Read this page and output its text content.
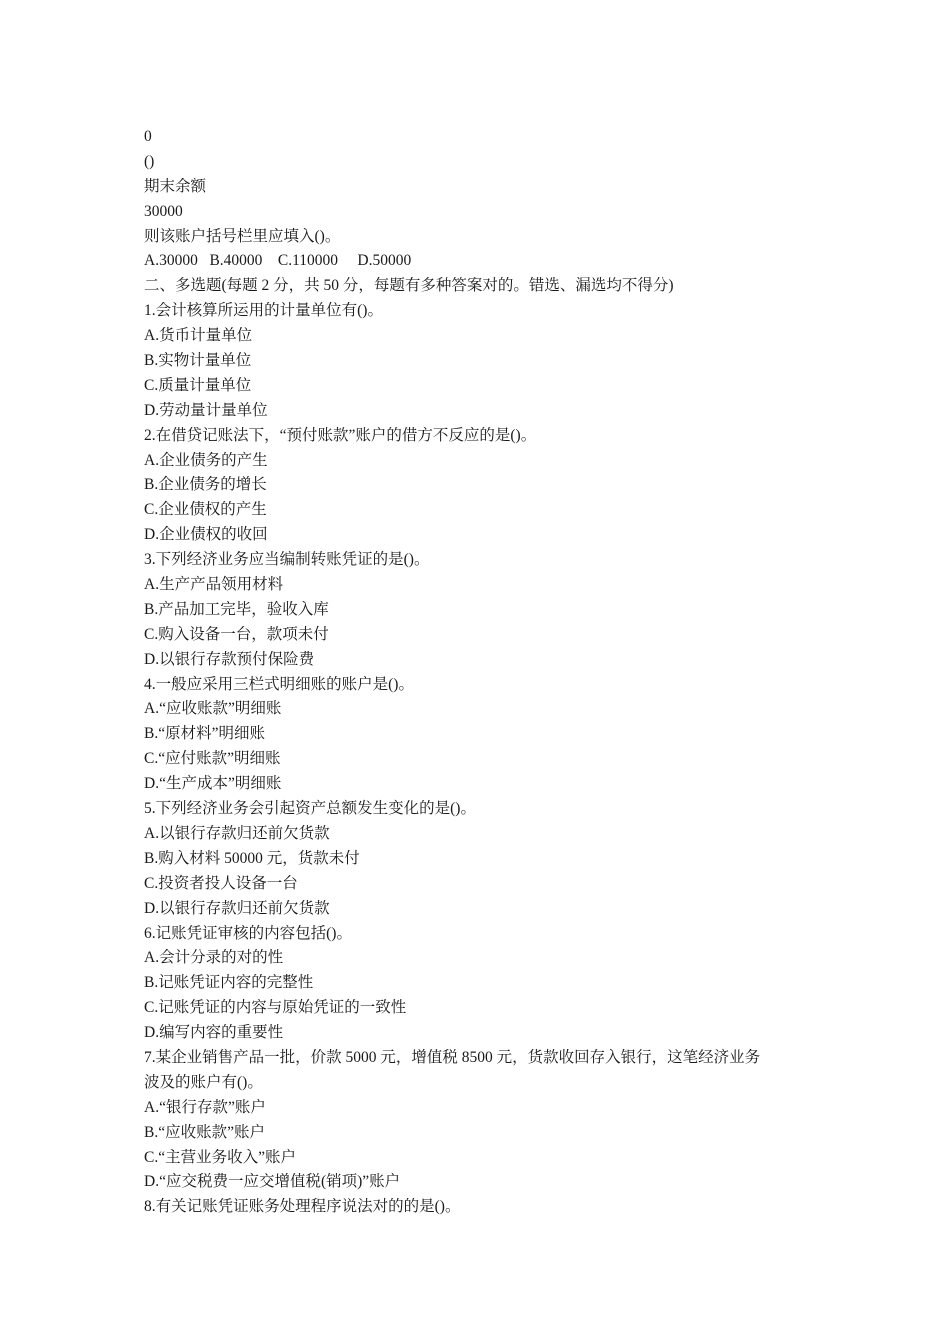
0
()
期末余额
30000
则该账户括号栏里应填入()。
A.30000   B.40000    C.110000     D.50000
二、多选题(每题 2 分，共 50 分，每题有多种答案对的。错选、漏选均不得分)
1.会计核算所运用的计量单位有()。
A.货币计量单位
B.实物计量单位
C.质量计量单位
D.劳动量计量单位
2.在借贷记账法下，“预付账款”账户的借方不反应的是()。
A.企业债务的产生
B.企业债务的增长
C.企业债权的产生
D.企业债权的收回
3.下列经济业务应当编制转账凭证的是()。
A.生产产品领用材料
B.产品加工完毕，验收入库
C.购入设备一台，款项未付
D.以银行存款预付保险费
4.一般应采用三栏式明细账的账户是()。
A.“应收账款”明细账
B.“原材料”明细账
C.“应付账款”明细账
D.“生产成本”明细账
5.下列经济业务会引起资产总额发生变化的是()。
A.以银行存款归还前欠货款
B.购入材料 50000 元，货款未付
C.投资者投人设备一台
D.以银行存款归还前欠货款
6.记账凭证审核的内容包括()。
A.会计分录的对的性
B.记账凭证内容的完整性
C.记账凭证的内容与原始凭证的一致性
D.编写内容的重要性
7.某企业销售产品一批，价款 5000 元，增值税 8500 元，货款收回存入银行，这笔经济业务
波及的账户有()。
A.“银行存款”账户
B.“应收账款”账户
C.“主营业务收入”账户
D.“应交税费一应交增值税(销项)”账户
8.有关记账凭证账务处理程序说法对的的是()。
